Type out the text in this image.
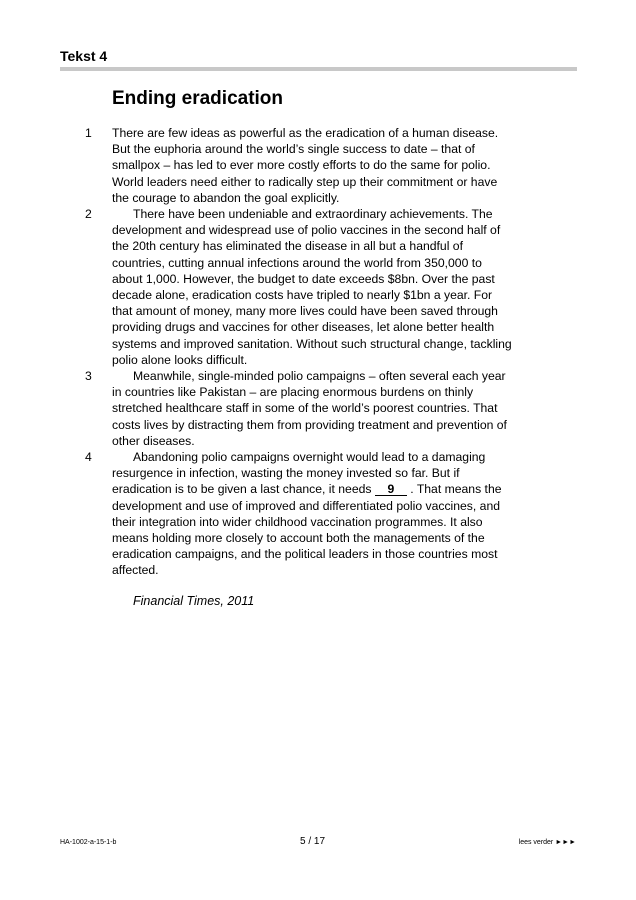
Tekst 4
Ending eradication
1	There are few ideas as powerful as the eradication of a human disease.
But the euphoria around the world’s single success to date – that of
smallpox – has led to ever more costly efforts to do the same for polio.
World leaders need either to radically step up their commitment or have
the courage to abandon the goal explicitly.
2	There have been undeniable and extraordinary achievements. The
development and widespread use of polio vaccines in the second half of
the 20th century has eliminated the disease in all but a handful of
countries, cutting annual infections around the world from 350,000 to
about 1,000. However, the budget to date exceeds $8bn. Over the past
decade alone, eradication costs have tripled to nearly $1bn a year. For
that amount of money, many more lives could have been saved through
providing drugs and vaccines for other diseases, let alone better health
systems and improved sanitation. Without such structural change, tackling
polio alone looks difficult.
3	Meanwhile, single-minded polio campaigns – often several each year
in countries like Pakistan – are placing enormous burdens on thinly
stretched healthcare staff in some of the world’s poorest countries. That
costs lives by distracting them from providing treatment and prevention of
other diseases.
4	Abandoning polio campaigns overnight would lead to a damaging
resurgence in infection, wasting the money invested so far. But if
eradication is to be given a last chance, it needs 9 . That means the
development and use of improved and differentiated polio vaccines, and
their integration into wider childhood vaccination programmes. It also
means holding more closely to account both the managements of the
eradication campaigns, and the political leaders in those countries most
affected.
Financial Times, 2011
HA-1002-a-15-1-b	5 / 17	lees verder ►►►
